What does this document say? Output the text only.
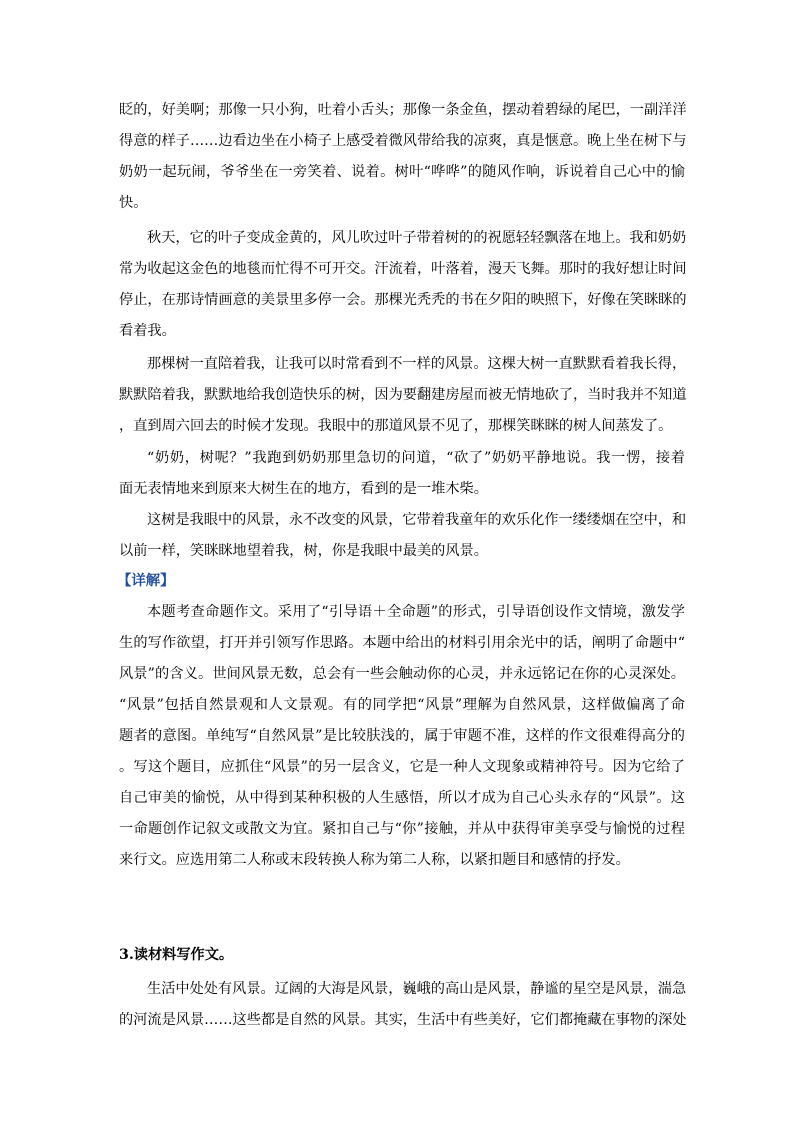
眨的，好美啊；那像一只小狗，吐着小舌头；那像一条金鱼，摆动着碧绿的尾巴，一副洋洋
得意的样子……边看边坐在小椅子上感受着微风带给我的凉爽，真是惬意。晚上坐在树下与
奶奶一起玩闹，爷爷坐在一旁笑着、说着。树叶“哗哗”的随风作响，诉说着自己心中的愉
快。
秋天，它的叶子变成金黄的，风儿吹过叶子带着树的的祝愿轻轻飘落在地上。我和奶奶
常为收起这金色的地毯而忙得不可开交。汗流着，叶落着，漫天飞舞。那时的我好想让时间
停止，在那诗情画意的美景里多停一会。那棵光秃秃的书在夕阳的映照下，好像在笑眯眯的
看着我。
那棵树一直陪着我，让我可以时常看到不一样的风景。这棵大树一直默默看着我长得，
默默陪着我，默默地给我创造快乐的树，因为要翻建房屋而被无情地砍了，当时我并不知道
，直到周六回去的时候才发现。我眼中的那道风景不见了，那棵笑眯眯的树人间蒸发了。
“奶奶，树呢？”我跑到奶奶那里急切的问道，“砍了”奶奶平静地说。我一愣，接着
面无表情地来到原来大树生在的地方，看到的是一堆木柴。
这树是我眼中的风景，永不改变的风景，它带着我童年的欢乐化作一缕缕烟在空中，和
以前一样，笑眯眯地望着我，树，你是我眼中最美的风景。
【详解】
本题考查命题作文。采用了“引导语＋全命题”的形式，引导语创设作文情境，激发学
生的写作欲望，打开并引领写作思路。本题中给出的材料引用余光中的话，阐明了命题中“
风景”的含义。世间风景无数，总会有一些会触动你的心灵，并永远铭记在你的心灵深处。
“风景”包括自然景观和人文景观。有的同学把“风景”理解为自然风景，这样做偏离了命
题者的意图。单纯写“自然风景”是比较肤浅的，属于审题不准，这样的作文很难得高分的
。写这个题目，应抓住“风景”的另一层含义，它是一种人文现象或精神符号。因为它给了
自己审美的愉悦，从中得到某种积极的人生感悟，所以才成为自己心头永存的“风景”。这
一命题创作记叙文或散文为宜。紧扣自己与“你”接触，并从中获得审美享受与愉悦的过程
来行文。应选用第二人称或末段转换人称为第二人称，以紧扣题目和感情的抒发。
3.读材料写作文。
生活中处处有风景。辽阔的大海是风景，巍峨的高山是风景，静谧的星空是风景，湍急
的河流是风景……这些都是自然的风景。其实，生活中有些美好，它们都掩藏在事物的深处
